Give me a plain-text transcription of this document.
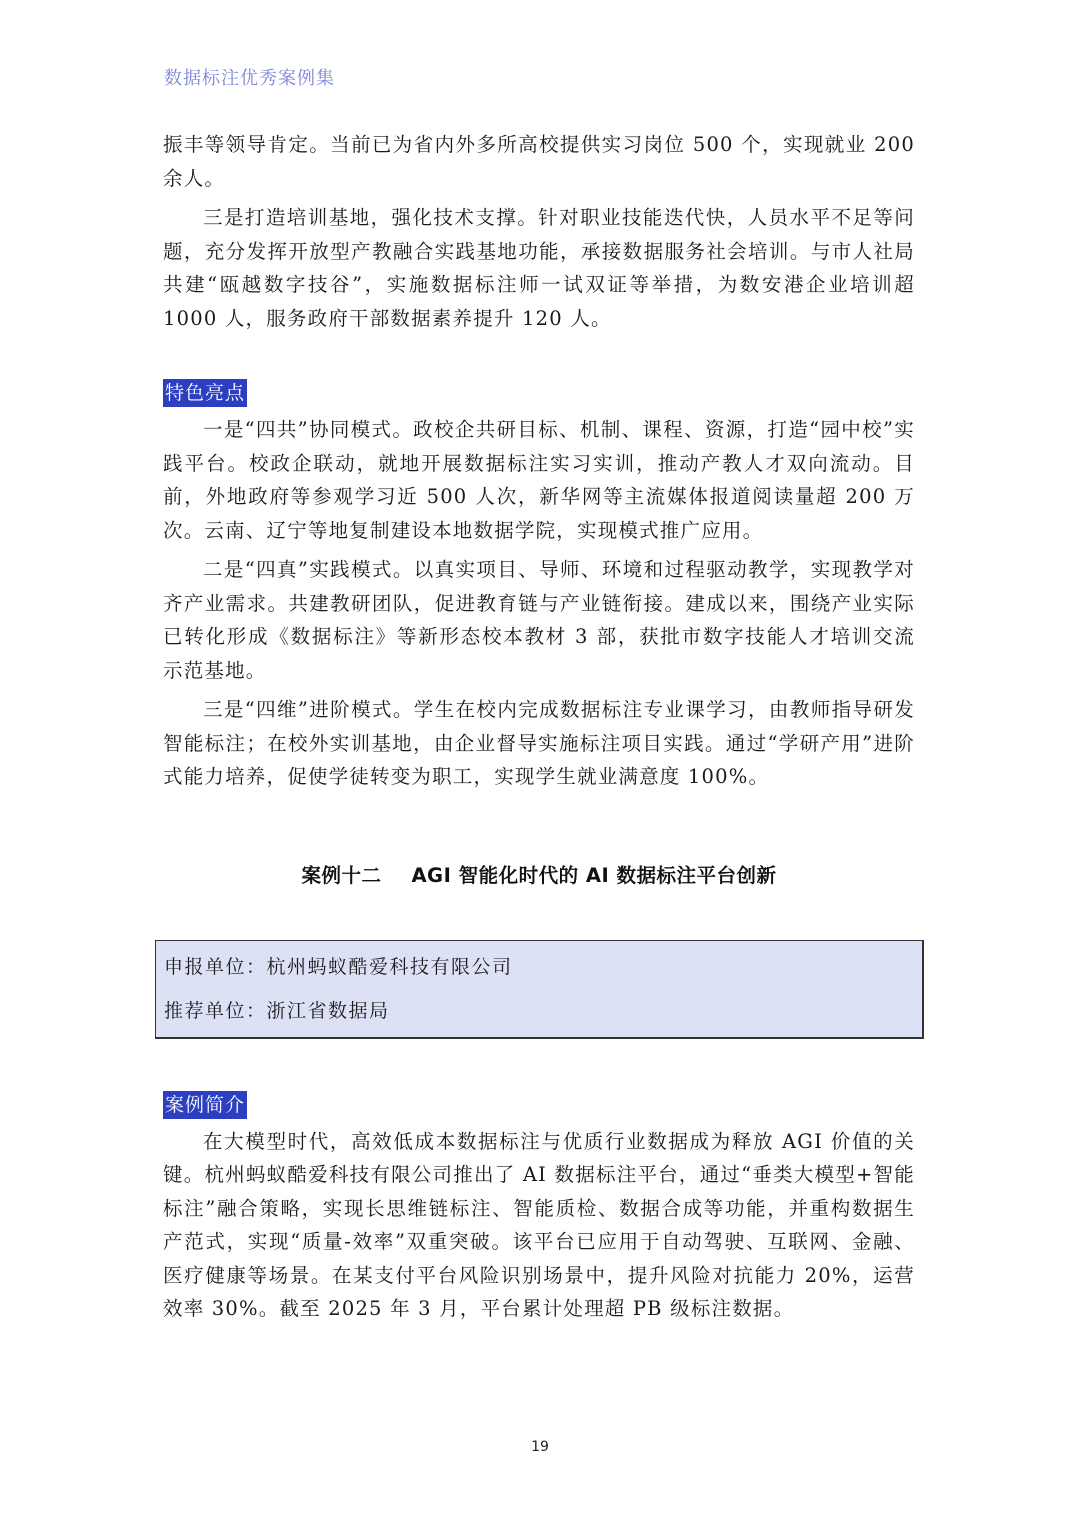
数据标注优秀案例集

振丰等领导肯定。当前已为省内外多所高校提供实习岗位 500 个，实现就业 200 余人。

三是打造培训基地，强化技术支撑。针对职业技能迭代快，人员水平不足等问题，充分发挥开放型产教融合实践基地功能，承接数据服务社会培训。与市人社局共建“瓯越数字技谷”，实施数据标注师一试双证等举措，为数安港企业培训超 1000 人，服务政府干部数据素养提升 120 人。

特色亮点

一是“四共”协同模式。政校企共研目标、机制、课程、资源，打造“园中校”实践平台。校政企联动，就地开展数据标注实习实训，推动产教人才双向流动。目前，外地政府等参观学习近 500 人次，新华网等主流媒体报道阅读量超 200 万次。云南、辽宁等地复制建设本地数据学院，实现模式推广应用。

二是“四真”实践模式。以真实项目、导师、环境和过程驱动教学，实现教学对齐产业需求。共建教研团队，促进教育链与产业链衔接。建成以来，围绕产业实际已转化形成《数据标注》等新形态校本教材 3 部，获批市数字技能人才培训交流示范基地。

三是“四维”进阶模式。学生在校内完成数据标注专业课学习，由教师指导研发智能标注；在校外实训基地，由企业督导实施标注项目实践。通过“学研产用”进阶式能力培养，促使学徒转变为职工，实现学生就业满意度 100%。

案例十二 AGI 智能化时代的 AI 数据标注平台创新
申报单位：杭州蚂蚁酷爱科技有限公司
推荐单位：浙江省数据局
案例简介

在大模型时代，高效低成本数据标注与优质行业数据成为释放 AGI 价值的关键。杭州蚂蚁酷爱科技有限公司推出了 AI 数据标注平台，通过“垂类大模型+智能标注”融合策略，实现长思维链标注、智能质检、数据合成等功能，并重构数据生产范式，实现“质量-效率”双重突破。该平台已应用于自动驾驶、互联网、金融、医疗健康等场景。在某支付平台风险识别场景中，提升风险对抗能力 20%，运营效率 30%。截至 2025 年 3 月，平台累计处理超 PB 级标注数据。

19
